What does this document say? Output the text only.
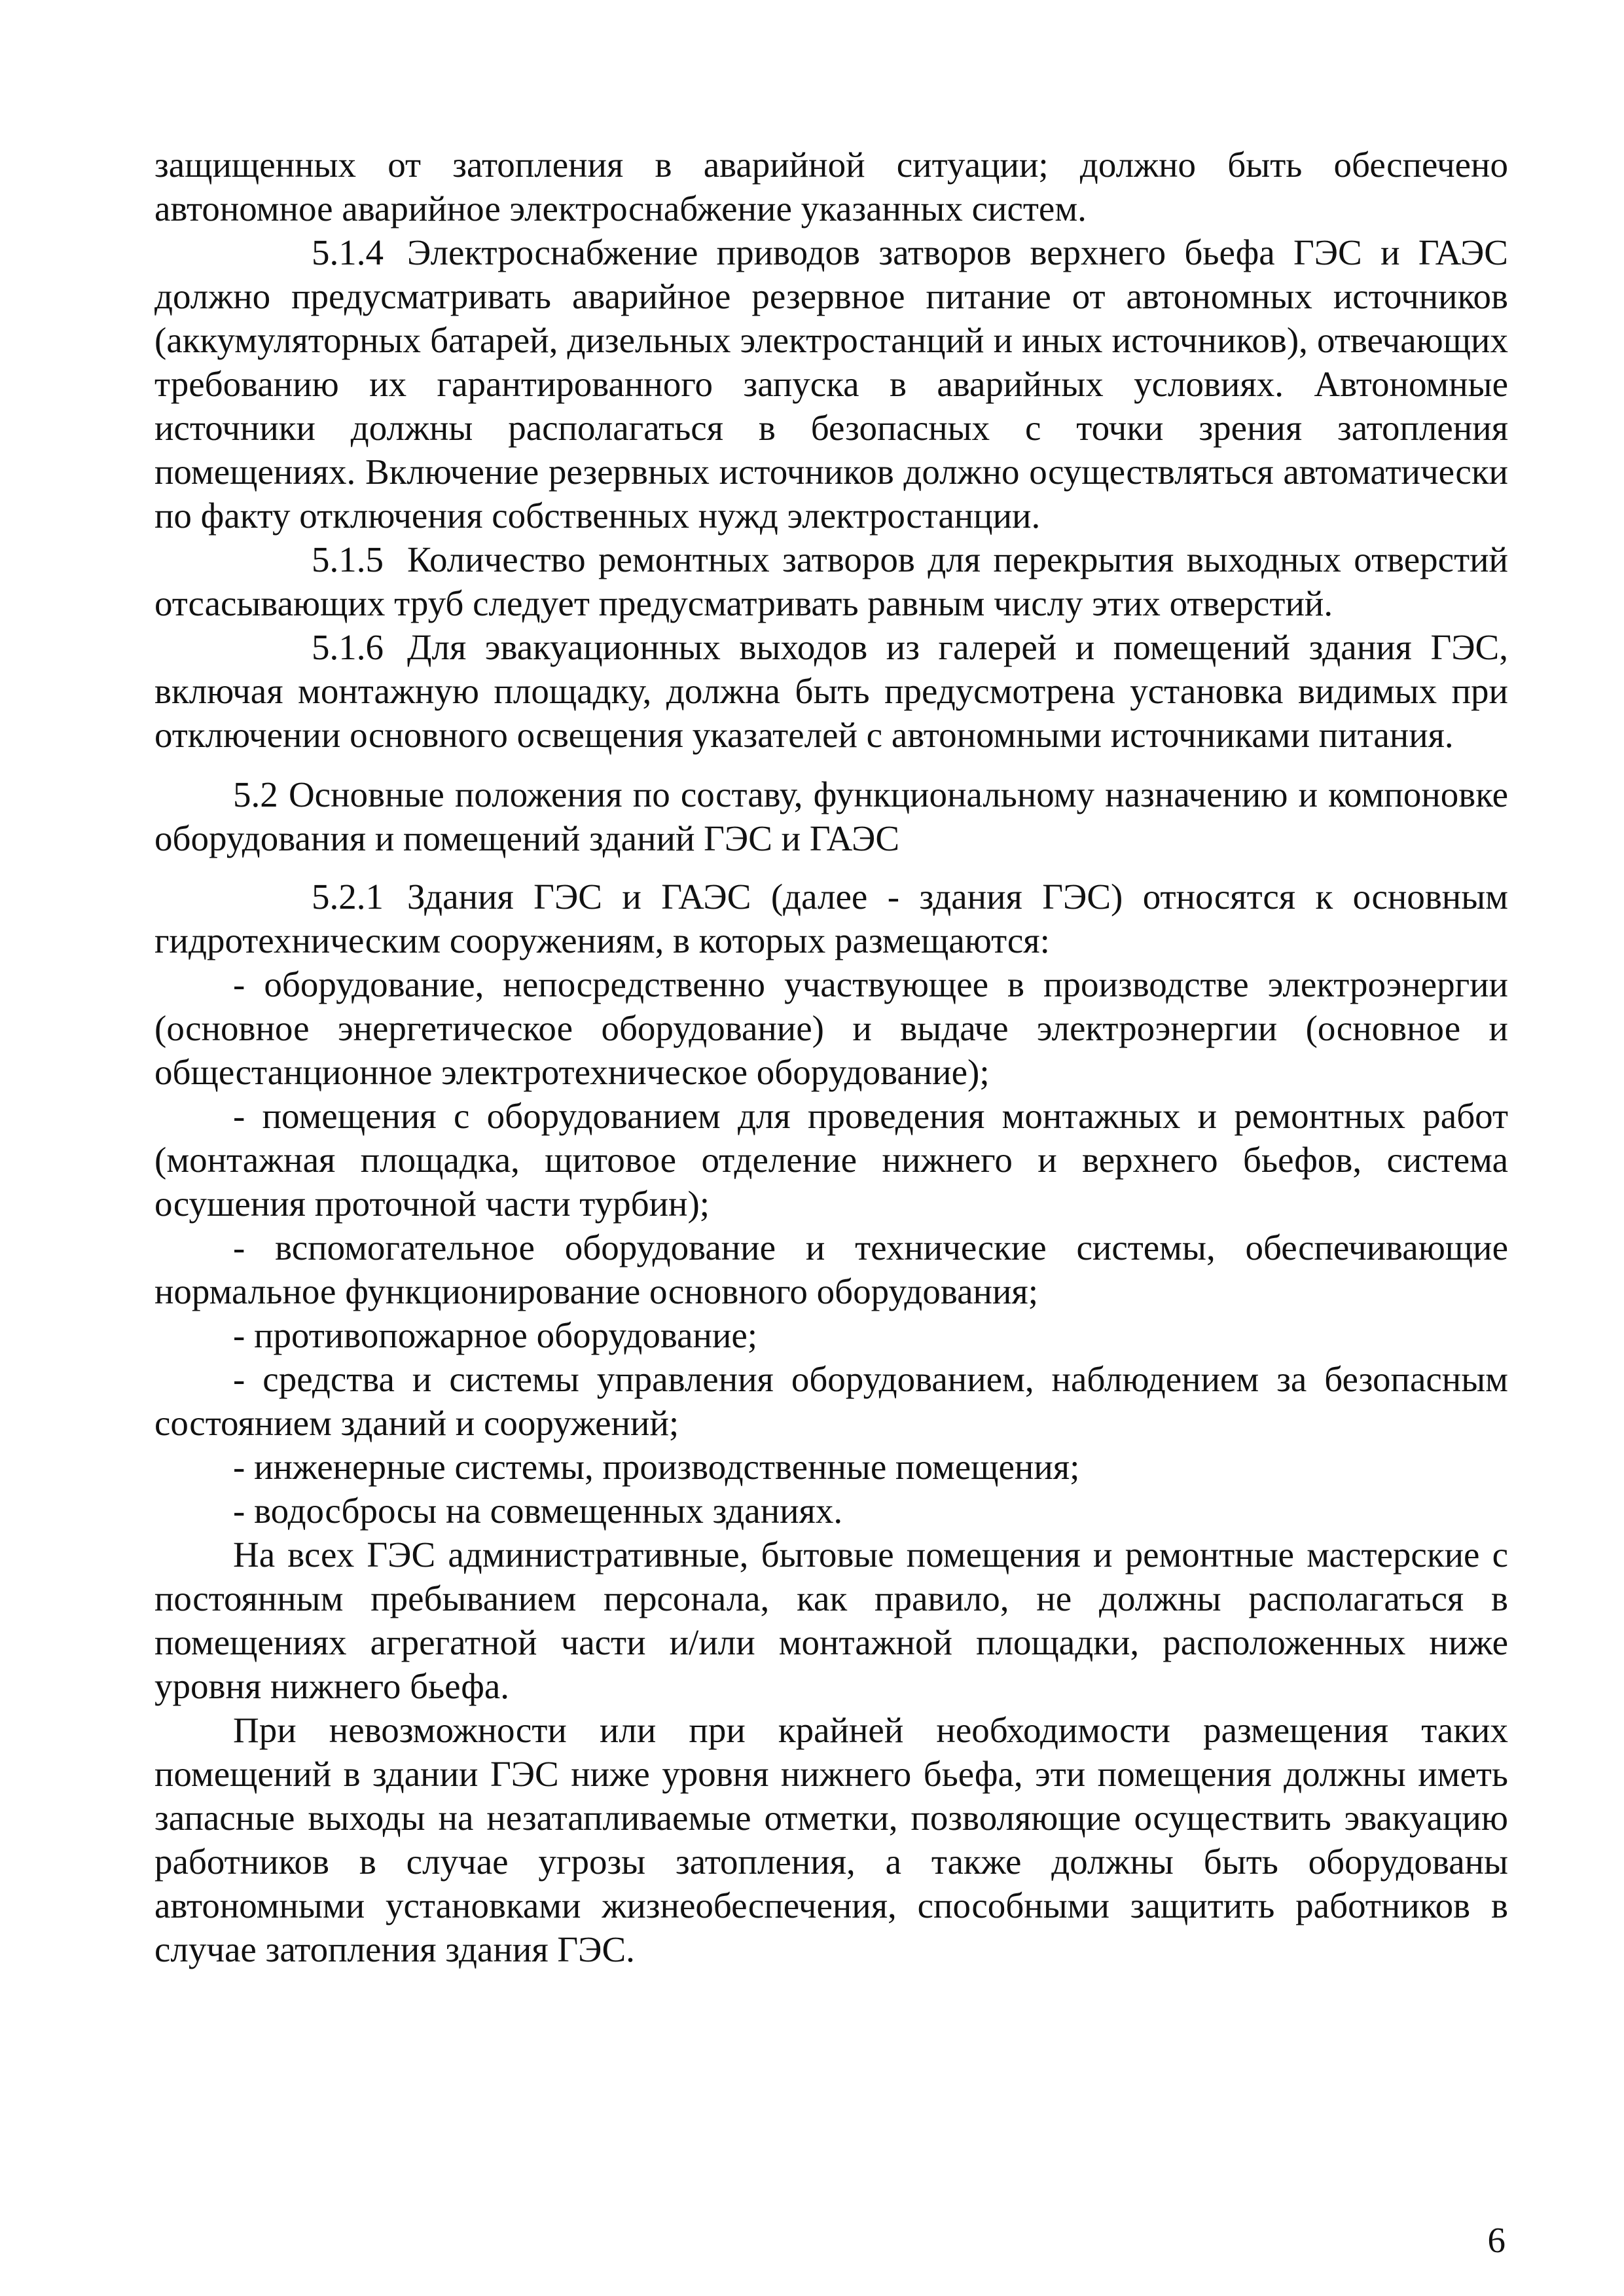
защищенных от затопления в аварийной ситуации; должно быть обеспечено автономное аварийное электроснабжение указанных систем.

5.1.4 Электроснабжение приводов затворов верхнего бьефа ГЭС и ГАЭС должно предусматривать аварийное резервное питание от автономных источников (аккумуляторных батарей, дизельных электростанций и иных источников), отвечающих требованию их гарантированного запуска в аварийных условиях. Автономные источники должны располагаться в безопасных с точки зрения затопления помещениях. Включение резервных источников должно осуществляться автоматически по факту отключения собственных нужд электростанции.

5.1.5 Количество ремонтных затворов для перекрытия выходных отверстий отсасывающих труб следует предусматривать равным числу этих отверстий.

5.1.6 Для эвакуационных выходов из галерей и помещений здания ГЭС, включая монтажную площадку, должна быть предусмотрена установка видимых при отключении основного освещения указателей с автономными источниками питания.

5.2 Основные положения по составу, функциональному назначению и компоновке оборудования и помещений зданий ГЭС и ГАЭС

5.2.1 Здания ГЭС и ГАЭС (далее - здания ГЭС) относятся к основным гидротехническим сооружениям, в которых размещаются:

- оборудование, непосредственно участвующее в производстве электроэнергии (основное энергетическое оборудование) и выдаче электроэнергии (основное и общестанционное электротехническое оборудование);

- помещения с оборудованием для проведения монтажных и ремонтных работ (монтажная площадка, щитовое отделение нижнего и верхнего бьефов, система осушения проточной части турбин);

- вспомогательное оборудование и технические системы, обеспечивающие нормальное функционирование основного оборудования;

- противопожарное оборудование;

- средства и системы управления оборудованием, наблюдением за безопасным состоянием зданий и сооружений;

- инженерные системы, производственные помещения;

- водосбросы на совмещенных зданиях.

На всех ГЭС административные, бытовые помещения и ремонтные мастерские с постоянным пребыванием персонала, как правило, не должны располагаться в помещениях агрегатной части и/или монтажной площадки, расположенных ниже уровня нижнего бьефа.

При невозможности или при крайней необходимости размещения таких помещений в здании ГЭС ниже уровня нижнего бьефа, эти помещения должны иметь запасные выходы на незатапливаемые отметки, позволяющие осуществить эвакуацию работников в случае угрозы затопления, а также должны быть оборудованы автономными установками жизнеобеспечения, способными защитить работников в случае затопления здания ГЭС.

6
